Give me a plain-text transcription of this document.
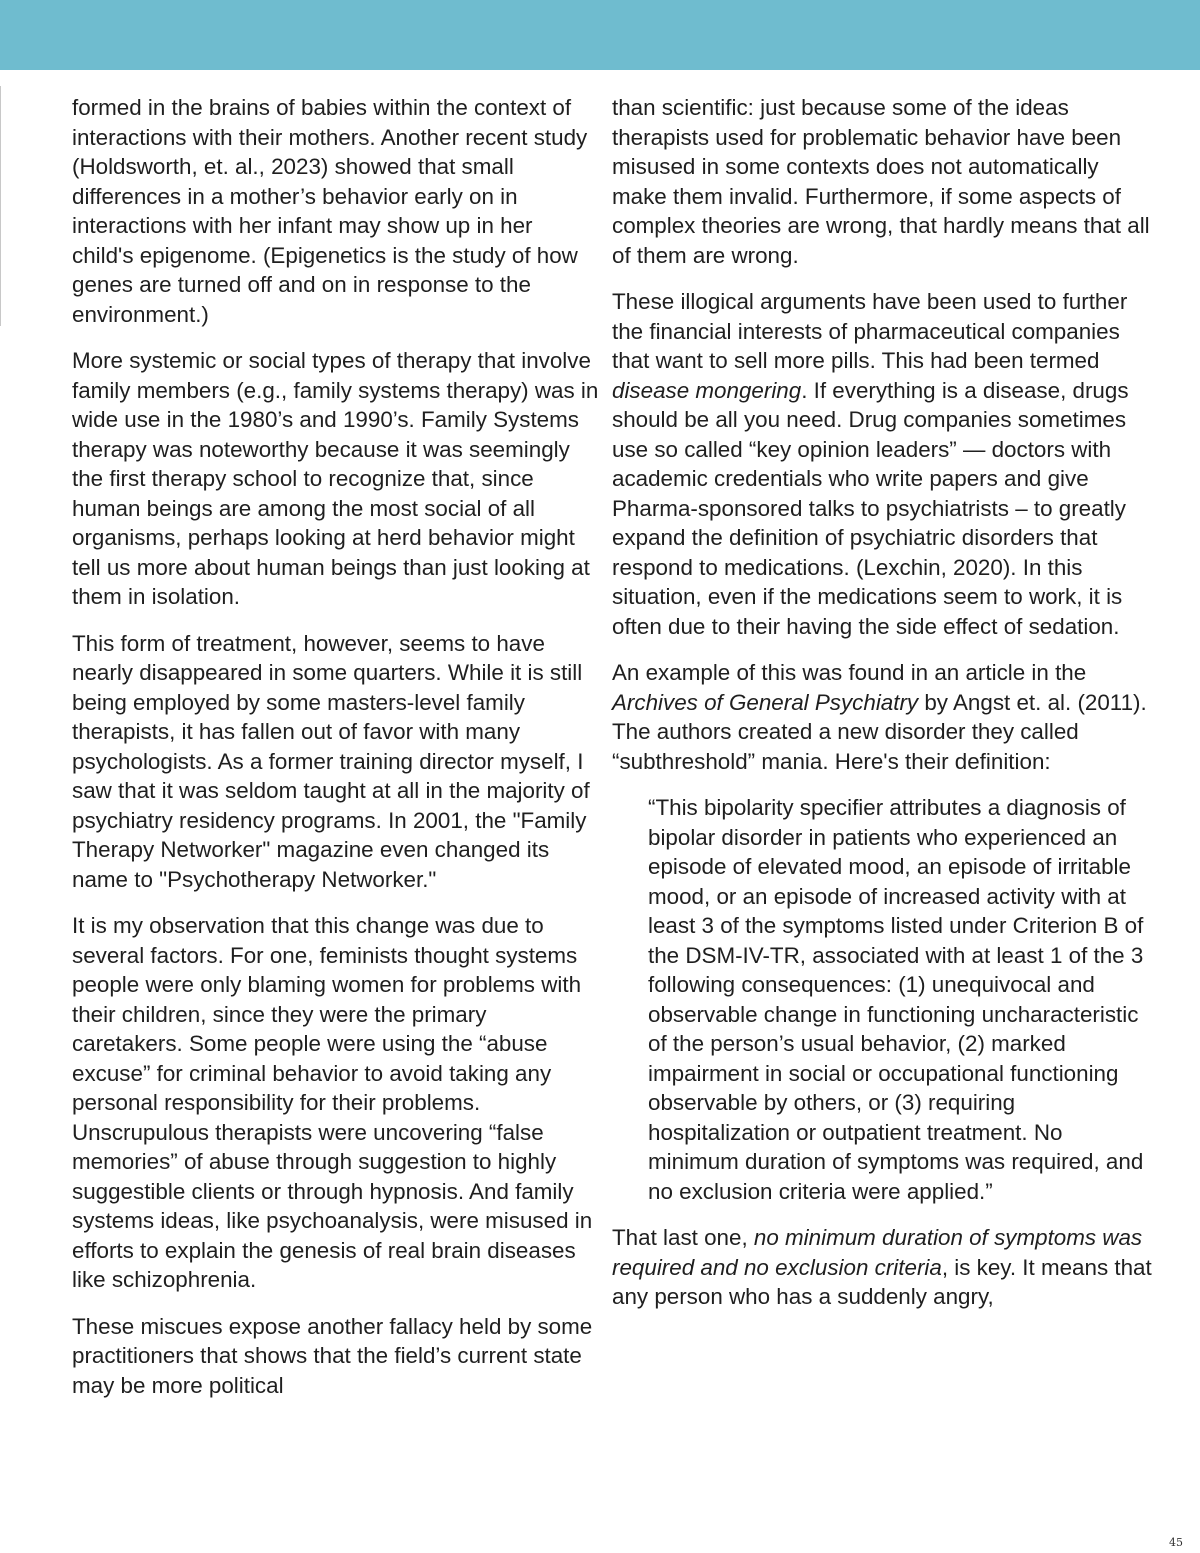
formed in the brains of babies within the context of interactions with their mothers. Another recent study (Holdsworth, et. al., 2023) showed that small differences in a mother’s behavior early on in interactions with her infant may show up in her child's epigenome. (Epigenetics is the study of how genes are turned off and on in response to the environment.)

More systemic or social types of therapy that involve family members (e.g., family systems therapy) was in wide use in the 1980’s and 1990’s. Family Systems therapy was noteworthy because it was seemingly the first therapy school to recognize that, since human beings are among the most social of all organisms, perhaps looking at herd behavior might tell us more about human beings than just looking at them in isolation.

This form of treatment, however, seems to have nearly disappeared in some quarters. While it is still being employed by some masters-level family therapists, it has fallen out of favor with many psychologists. As a former training director myself, I saw that it was seldom taught at all in the majority of psychiatry residency programs. In 2001, the "Family Therapy Networker" magazine even changed its name to "Psychotherapy Networker."

It is my observation that this change was due to several factors. For one, feminists thought systems people were only blaming women for problems with their children, since they were the primary caretakers. Some people were using the “abuse excuse” for criminal behavior to avoid taking any personal responsibility for their problems. Unscrupulous therapists were uncovering “false memories” of abuse through suggestion to highly suggestible clients or through hypnosis. And family systems ideas, like psychoanalysis, were misused in efforts to explain the genesis of real brain diseases like schizophrenia.

These miscues expose another fallacy held by some practitioners that shows that the field’s current state may be more political

than scientific: just because some of the ideas therapists used for problematic behavior have been misused in some contexts does not automatically make them invalid. Furthermore, if some aspects of complex theories are wrong, that hardly means that all of them are wrong.

These illogical arguments have been used to further the financial interests of pharmaceutical companies that want to sell more pills. This had been termed disease mongering. If everything is a disease, drugs should be all you need. Drug companies sometimes use so called “key opinion leaders” — doctors with academic credentials who write papers and give Pharma-sponsored talks to psychiatrists – to greatly expand the definition of psychiatric disorders that respond to medications. (Lexchin, 2020). In this situation, even if the medications seem to work, it is often due to their having the side effect of sedation.

An example of this was found in an article in the Archives of General Psychiatry by Angst et. al. (2011). The authors created a new disorder they called “subthreshold” mania. Here's their definition:

“This bipolarity specifier attributes a diagnosis of bipolar disorder in patients who experienced an episode of elevated mood, an episode of irritable mood, or an episode of increased activity with at least 3 of the symptoms listed under Criterion B of the DSM-IV-TR, associated with at least 1 of the 3 following consequences: (1) unequivocal and observable change in functioning uncharacteristic of the person’s usual behavior, (2) marked impairment in social or occupational functioning observable by others, or (3) requiring hospitalization or outpatient treatment. No minimum duration of symptoms was required, and no exclusion criteria were applied.”

That last one, no minimum duration of symptoms was required and no exclusion criteria, is key. It means that any person who has a suddenly angry,

45
